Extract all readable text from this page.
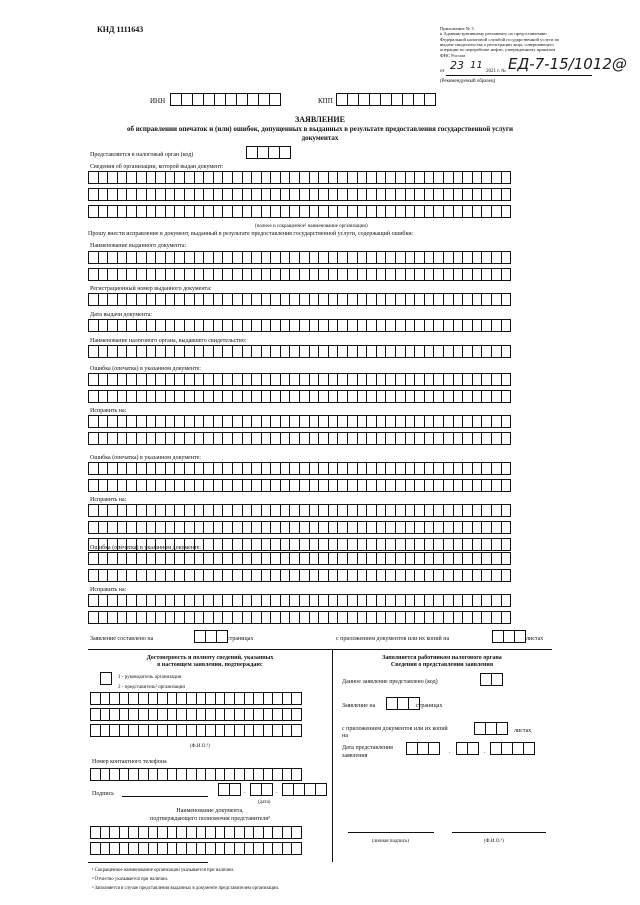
КНД 1111643	Приложение № 3
к Административному регламенту по предоставлению
Федеральной налоговой службой государственной услуги по
выдаче свидетельства о регистрации лица, совершающего
операции по переработке нефти, утвержденному приказом
ФНС России
от 23 11
2021 г. № ЕД-7-15/1012@
(Рекомендуемый образец)
ИНН	КПП
ЗАЯВЛЕНИЕ
об исправлении опечаток и (или) ошибок, допущенных в выданных в результате предоставления государственной услуги
документах
Представляется в налоговый орган (код)
Сведения об организации, которой выдан документ:
(полное и сокращенное¹ наименование организации)
Прошу внести исправление в документ, выданный в результате предоставления государственной услуги, содержащий ошибки:
Наименование выданного документа:
Регистрационный номер выданного документа:
Дата выдачи документа:
Наименование налогового органа, выдавшего свидетельство:
Ошибка (опечатка) в указанном документе:
Исправить на:
Ошибка (опечатка) в указанном документе:
Исправить на:
Ошибка (опечатка) в указанном документе:
Исправить на:
Заявление составлено на	страницах	с приложением документов или их копий на	листах
Достоверность и полноту сведений, указанных
в настоящем заявлении, подтверждаю:
1 - руководитель организации
2 - представитель² организации
(Ф.И.О.³)
Номер контактного телефона
Подпись	.	.
(дата)
Наименование документа,
подтверждающего полномочия представителя³
Заполняется работником налогового органа
Сведения о представлении заявления
Данное заявление представлено (код)
Заявление на	страницах
с приложением документов или их копий
на
листах
Дата представления
заявления
.	.
(личная подпись)	(Ф.И.О.³)
¹ Сокращенное наименование организации указывается при наличии.
² Отчество указывается при наличии.
³ Заполняется в случае представления выданных в документе представителем организации.
